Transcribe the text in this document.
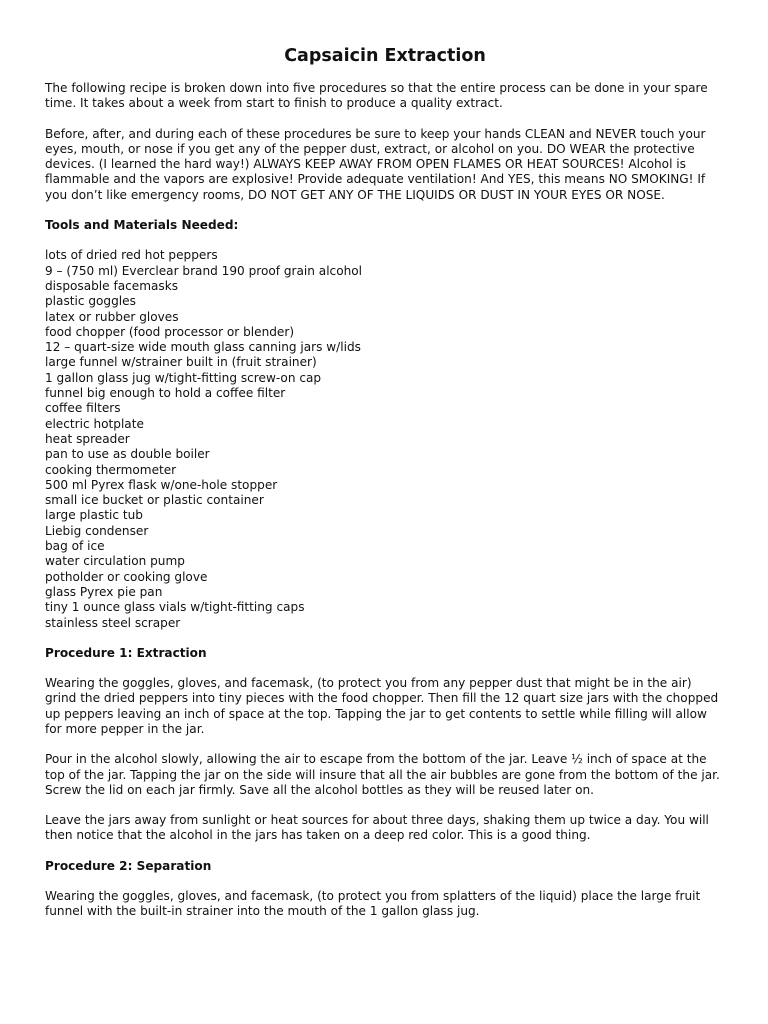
Capsaicin Extraction

The following recipe is broken down into five procedures so that the entire process can be done in your spare time. It takes about a week from start to finish to produce a quality extract.

Before, after, and during each of these procedures be sure to keep your hands CLEAN and NEVER touch your eyes, mouth, or nose if you get any of the pepper dust, extract, or alcohol on you. DO WEAR the protective devices. (I learned the hard way!) ALWAYS KEEP AWAY FROM OPEN FLAMES OR HEAT SOURCES! Alcohol is flammable and the vapors are explosive! Provide adequate ventilation! And YES, this means NO SMOKING! If you don’t like emergency rooms, DO NOT GET ANY OF THE LIQUIDS OR DUST IN YOUR EYES OR NOSE.

Tools and Materials Needed:
lots of dried red hot peppers
9 – (750 ml) Everclear brand 190 proof grain alcohol
disposable facemasks
plastic goggles
latex or rubber gloves
food chopper (food processor or blender)
12 – quart-size wide mouth glass canning jars w/lids
large funnel w/strainer built in (fruit strainer)
1 gallon glass jug w/tight-fitting screw-on cap
funnel big enough to hold a coffee filter
coffee filters
electric hotplate
heat spreader
pan to use as double boiler
cooking thermometer
500 ml Pyrex flask w/one-hole stopper
small ice bucket or plastic container
large plastic tub
Liebig condenser
bag of ice
water circulation pump
potholder or cooking glove
glass Pyrex pie pan
tiny 1 ounce glass vials w/tight-fitting caps
stainless steel scraper
Procedure 1: Extraction

Wearing the goggles, gloves, and facemask, (to protect you from any pepper dust that might be in the air) grind the dried peppers into tiny pieces with the food chopper. Then fill the 12 quart size jars with the chopped up peppers leaving an inch of space at the top. Tapping the jar to get contents to settle while filling will allow for more pepper in the jar.

Pour in the alcohol slowly, allowing the air to escape from the bottom of the jar. Leave ½ inch of space at the top of the jar. Tapping the jar on the side will insure that all the air bubbles are gone from the bottom of the jar. Screw the lid on each jar firmly. Save all the alcohol bottles as they will be reused later on.

Leave the jars away from sunlight or heat sources for about three days, shaking them up twice a day. You will then notice that the alcohol in the jars has taken on a deep red color. This is a good thing.

Procedure 2: Separation

Wearing the goggles, gloves, and facemask, (to protect you from splatters of the liquid) place the large fruit funnel with the built-in strainer into the mouth of the 1 gallon glass jug.
